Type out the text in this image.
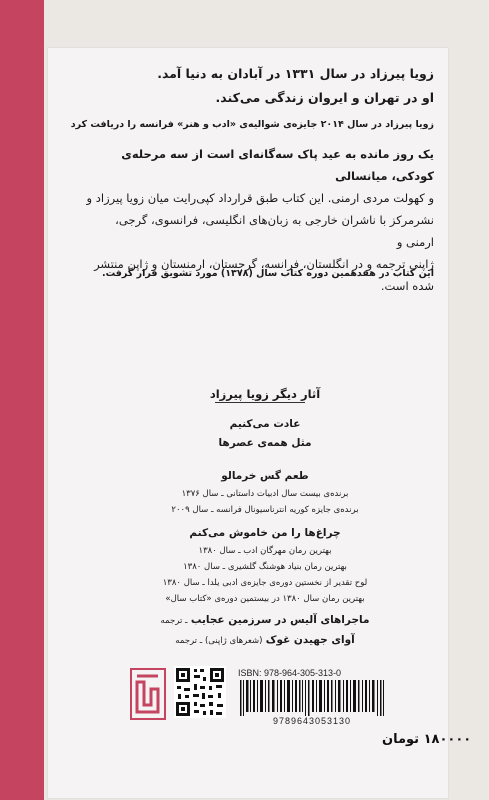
زویا پیرزاد در سال ۱۳۳۱ در آبادان به دنیا آمد.
او در تهران و ایروان زندگی می‌کند.
زویا پیرزاد در سال ۲۰۱۴ جایزه‌ی شوالیه‌ی «ادب و هنر» فرانسه را دریافت کرد
یک روز مانده به عید پاک سه‌گانه‌ای است از سه مرحله‌ی کودکی، میانسالی
و کهولت مردی ارمنی. این کتاب طبق قرارداد کپی‌رایت میان زویا پیرزاد و
نشرمرکز با ناشران خارجی به زبان‌های انگلیسی، فرانسوی، گرجی، ارمنی و
ژاپنی ترجمه و در انگلستان، فرانسه، گرجستان، ارمنستان و ژاپن منتشر
شده است.
این کتاب در هفدهمین دوره کتاب سال (۱۳۷۸) مورد تشویق قرار گرفت.
آثار دیگر زویا پیرزاد
عادت می‌کنیم
مثل همه‌ی عصرها
طعم گس خرمالو
برنده‌ی بیست سال ادبیات داستانی ـ سال ۱۳۷۶
برنده‌ی جایزه کوریه انترناسیونال فرانسه ـ سال ۲۰۰۹
چراغ‌ها را من خاموش می‌کنم
بهترین رمان مهرگان ادب ـ سال ۱۳۸۰
بهترین رمان بنیاد هوشنگ گلشیری ـ سال ۱۳۸۰
لوح تقدیر از نخستین دوره‌ی جایزه‌ی ادبی یلدا ـ سال ۱۳۸۰
بهترین رمان سال ۱۳۸۰ در بیستمین دوره‌ی «کتاب سال»
ماجراهای آلیس در سرزمین عجایب ـ ترجمه
آوای جهیدن غوک (شعرهای ژاپنی) ـ ترجمه
ISBN: 978-964-305-313-0
9789643053130
۱۸۰۰۰۰ تومان
